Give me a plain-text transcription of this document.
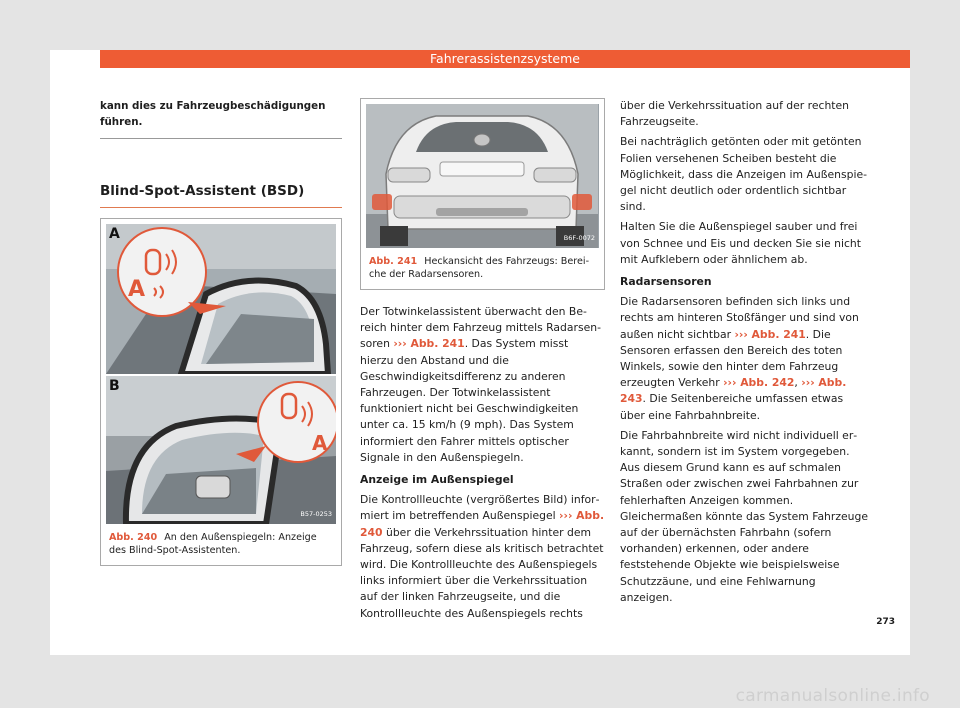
Fahrerassistenzsysteme
kann dies zu Fahrzeugbeschädigungen führen.
Blind-Spot-Assistent (BSD)
A
A
B
B57-0253
A
Abb. 240 An den Außenspiegeln: Anzeige des Blind-Spot-Assistenten.
B6F-0072
Abb. 241 Heckansicht des Fahrzeugs: Bereiche der Radarsensoren.

Der Totwinkelassistent überwacht den Bereich hinter dem Fahrzeug mittels Radarsensoren ››› Abb. 241. Das System misst hierzu den Abstand und die Geschwindigkeitsdifferenz zu anderen Fahrzeugen. Der Totwinkelassistent funktioniert nicht bei Geschwindigkeiten unter ca. 15 km/h (9 mph). Das System informiert den Fahrer mittels optischer Signale in den Außenspiegeln.

Anzeige im Außenspiegel

Die Kontrollleuchte (vergrößertes Bild) informiert im betreffenden Außenspiegel ››› Abb. 240 über die Verkehrssituation hinter dem Fahrzeug, sofern diese als kritisch betrachtet wird. Die Kontrollleuchte des Außenspiegels links informiert über die Verkehrssituation auf der linken Fahrzeugseite, und die Kontrollleuchte des Außenspiegels rechts

über die Verkehrssituation auf der rechten Fahrzeugseite.

Bei nachträglich getönten oder mit getönten Folien versehenen Scheiben besteht die Möglichkeit, dass die Anzeigen im Außenspiegel nicht deutlich oder ordentlich sichtbar sind.

Halten Sie die Außenspiegel sauber und frei von Schnee und Eis und decken Sie sie nicht mit Aufklebern oder ähnlichem ab.

Radarsensoren

Die Radarsensoren befinden sich links und rechts am hinteren Stoßfänger und sind von außen nicht sichtbar ››› Abb. 241. Die Sensoren erfassen den Bereich des toten Winkels, sowie den hinter dem Fahrzeug erzeugten Verkehr ››› Abb. 242, ››› Abb. 243. Die Seitenbereiche umfassen etwas über eine Fahrbahnbreite.

Die Fahrbahnbreite wird nicht individuell erkannt, sondern ist im System vorgegeben. Aus diesem Grund kann es auf schmalen Straßen oder zwischen zwei Fahrbahnen zur fehlerhaften Anzeigen kommen. Gleichermaßen könnte das System Fahrzeuge auf der übernächsten Fahrbahn (sofern vorhanden) erkennen, oder andere feststehende Objekte wie beispielsweise Schutzzäune, und eine Fehlwarnung anzeigen.

273
carmanualsonline.info
